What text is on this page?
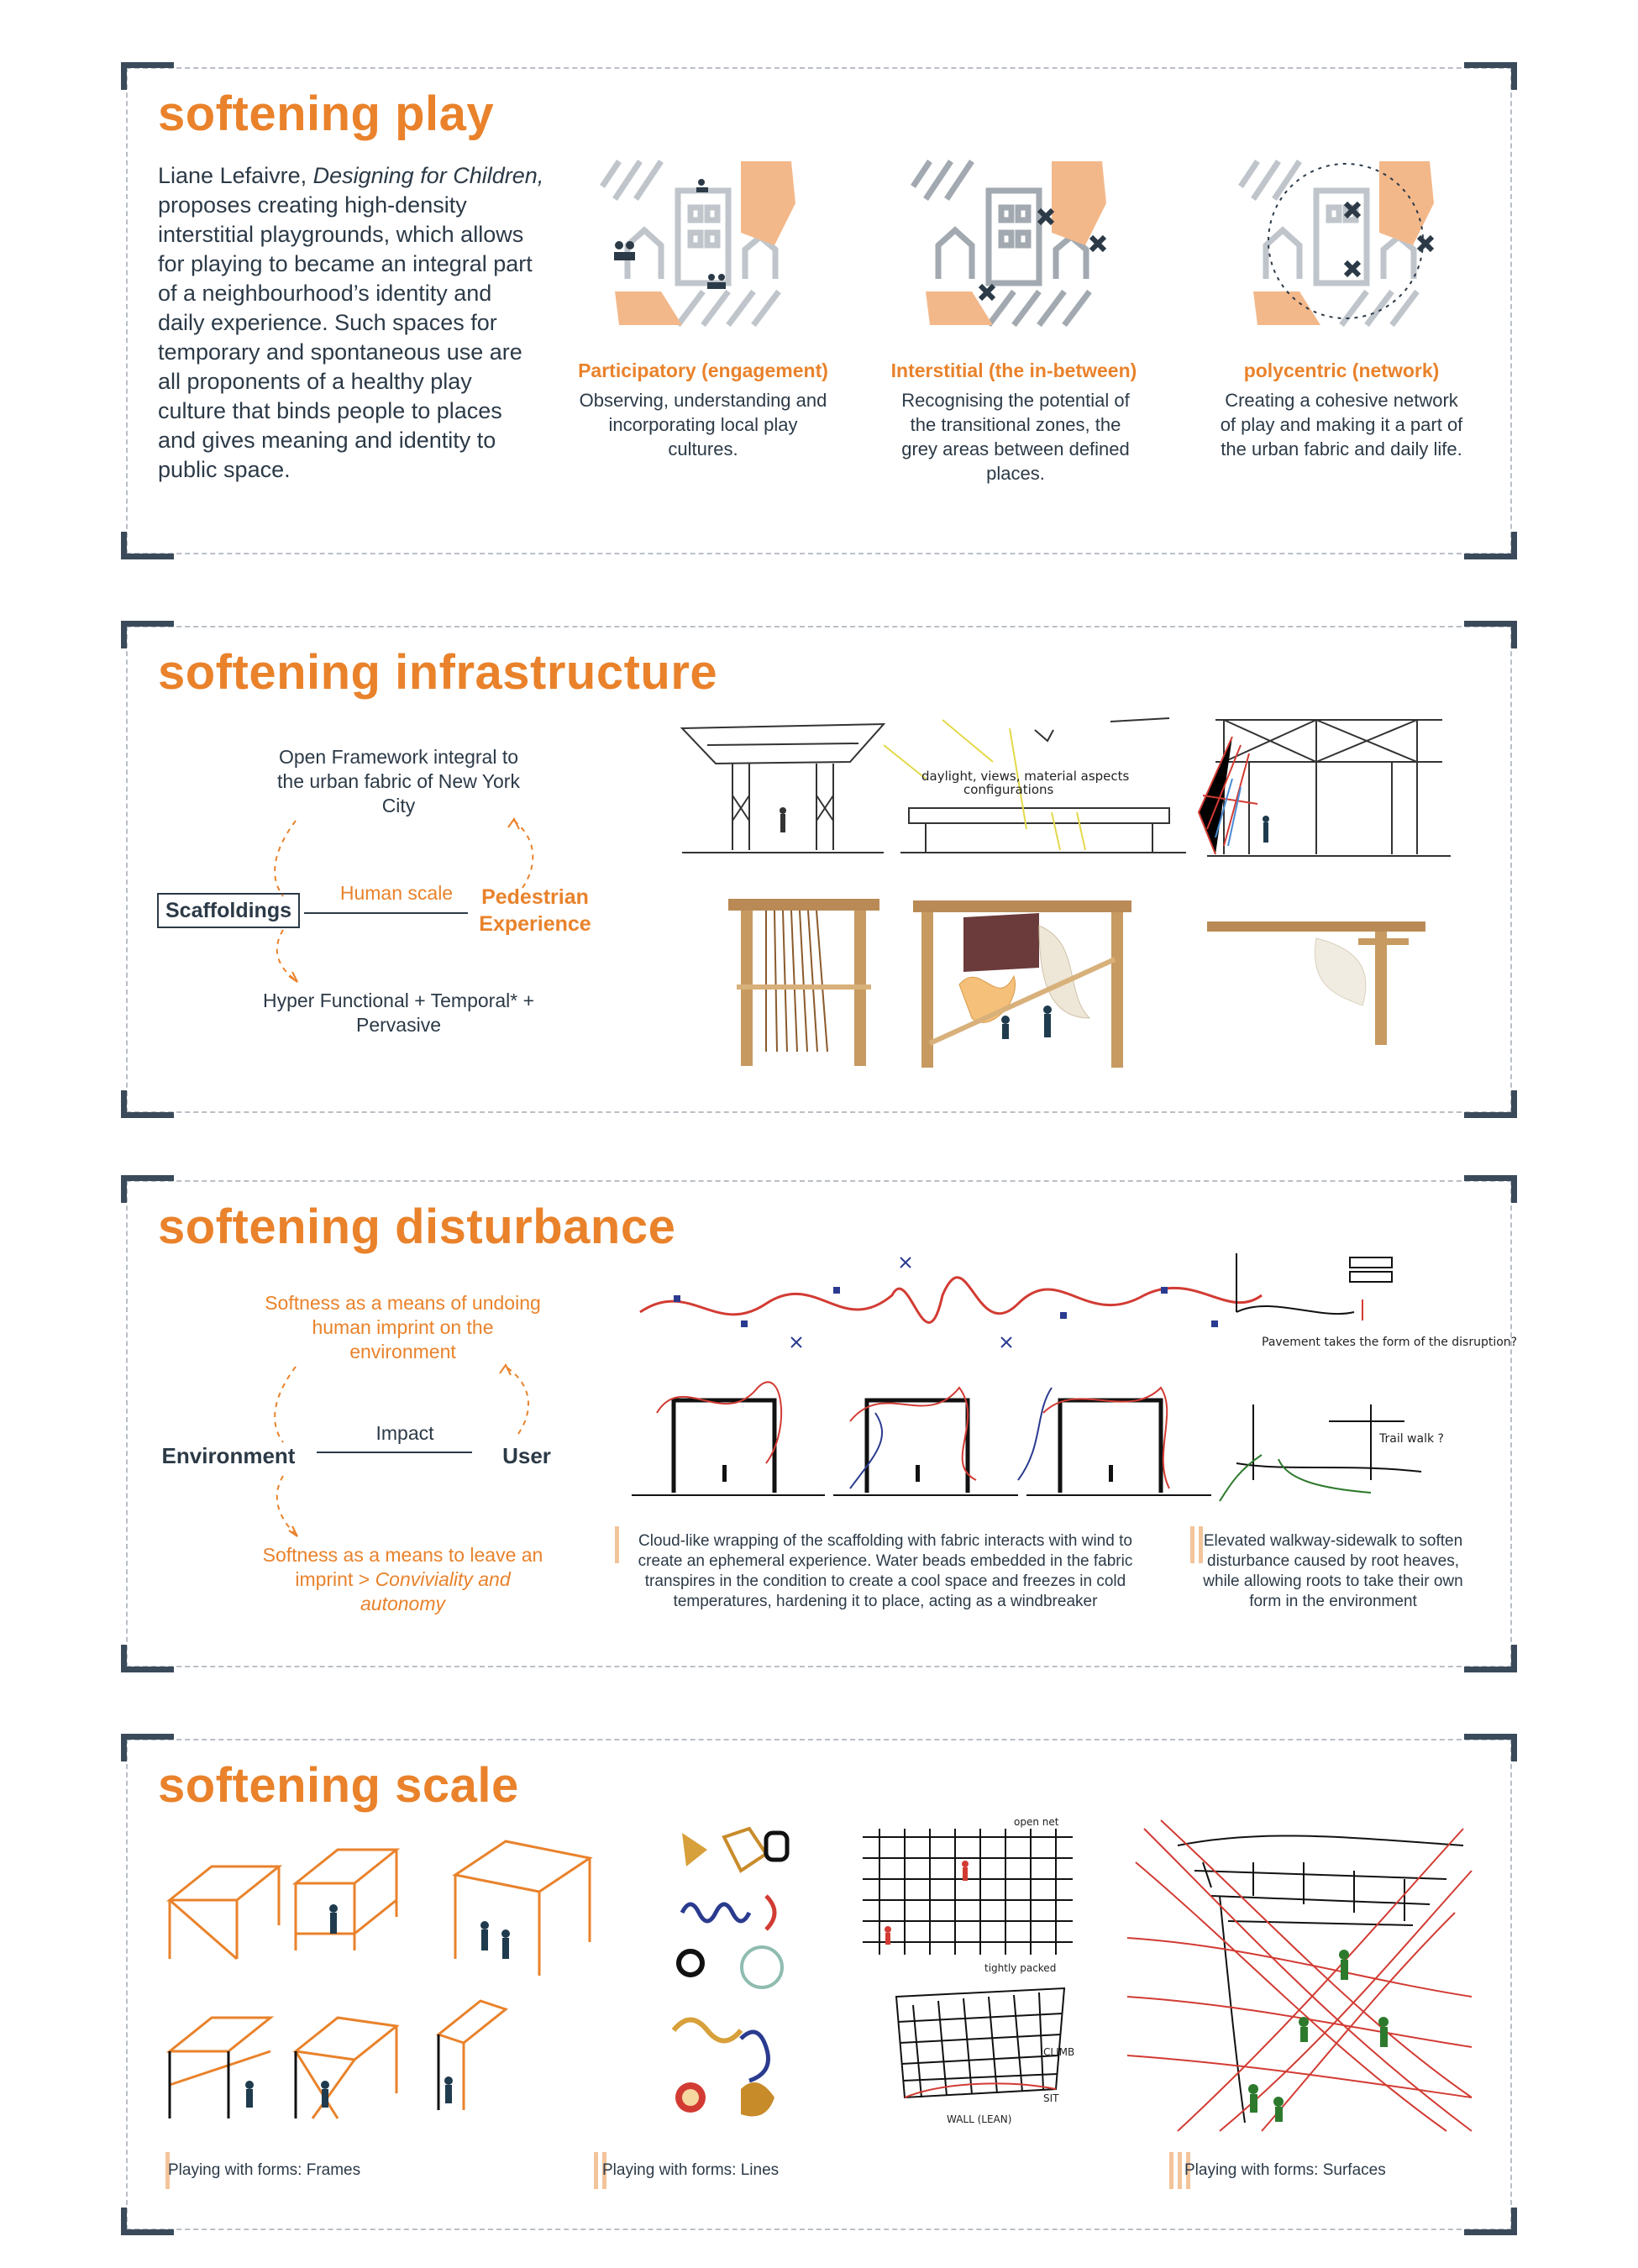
softening play

Liane Lefaivre, Designing for Children, proposes creating high-density interstitial playgrounds, which allows for playing to became an integral part of a neighbourhood’s identity and daily experience. Such spaces for temporary and spontaneous use are all proponents of a healthy play culture that binds people to places and gives meaning and identity to public space.

Participatory (engagement)
Observing, understanding and incorporating local play cultures.
Interstitial (the in-between)
Recognising the potential of the transitional zones, the grey areas between defined places.
polycentric (network)
Creating a cohesive network of play and making it a part of the urban fabric and daily life.
softening infrastructure
Open Framework integral to the urban fabric of New York City
Scaffoldings
Human scale	Pedestrian Experience
Hyper Functional + Temporal* + Pervasive
daylight, views, material aspects
configurations
softening disturbance
Softness as a means of undoing human imprint on the environment
Environment
Impact
User
Softness as a means to leave an imprint > Conviviality and autonomy
Cloud-like wrapping of the scaffolding with fabric interacts with wind to create an ephemeral experience. Water beads embedded in the fabric transpires in the condition to create a cool space and freezes in cold temperatures, hardening it to place, acting as a windbreaker
Pavement takes the form of the disruption?
Trail walk ?
Elevated walkway-sidewalk to soften disturbance caused by root heaves, while allowing roots to take their own form in the environment
softening scale
Playing with forms: Frames	Playing with forms: Lines
open net
tightly packed
CLIMB
SIT
WALL (LEAN)
Playing with forms: Surfaces
